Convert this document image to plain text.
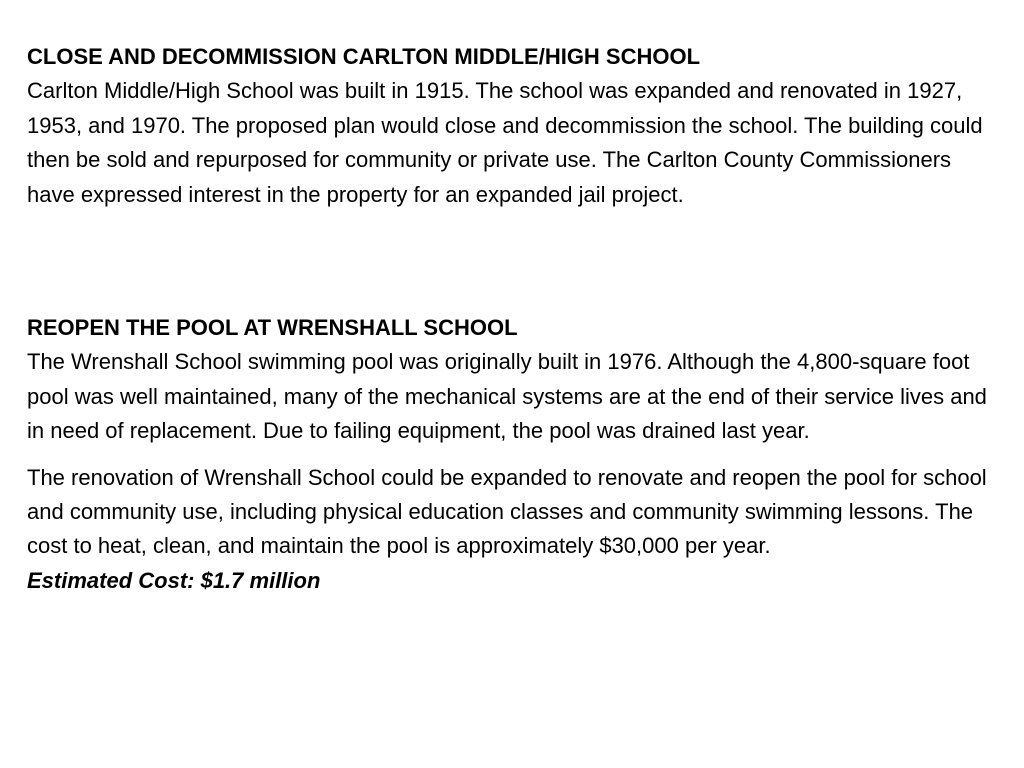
CLOSE AND DECOMMISSION CARLTON MIDDLE/HIGH SCHOOL

Carlton Middle/High School was built in 1915. The school was expanded and renovated in 1927, 1953, and 1970. The proposed plan would close and decommission the school. The building could then be sold and repurposed for community or private use. The Carlton County Commissioners have expressed interest in the property for an expanded jail project.

REOPEN THE POOL AT WRENSHALL SCHOOL

The Wrenshall School swimming pool was originally built in 1976. Although the 4,800-square foot pool was well maintained, many of the mechanical systems are at the end of their service lives and in need of replacement. Due to failing equipment, the pool was drained last year.

The renovation of Wrenshall School could be expanded to renovate and reopen the pool for school and community use, including physical education classes and community swimming lessons. The cost to heat, clean, and maintain the pool is approximately $30,000 per year.

Estimated Cost: $1.7 million
